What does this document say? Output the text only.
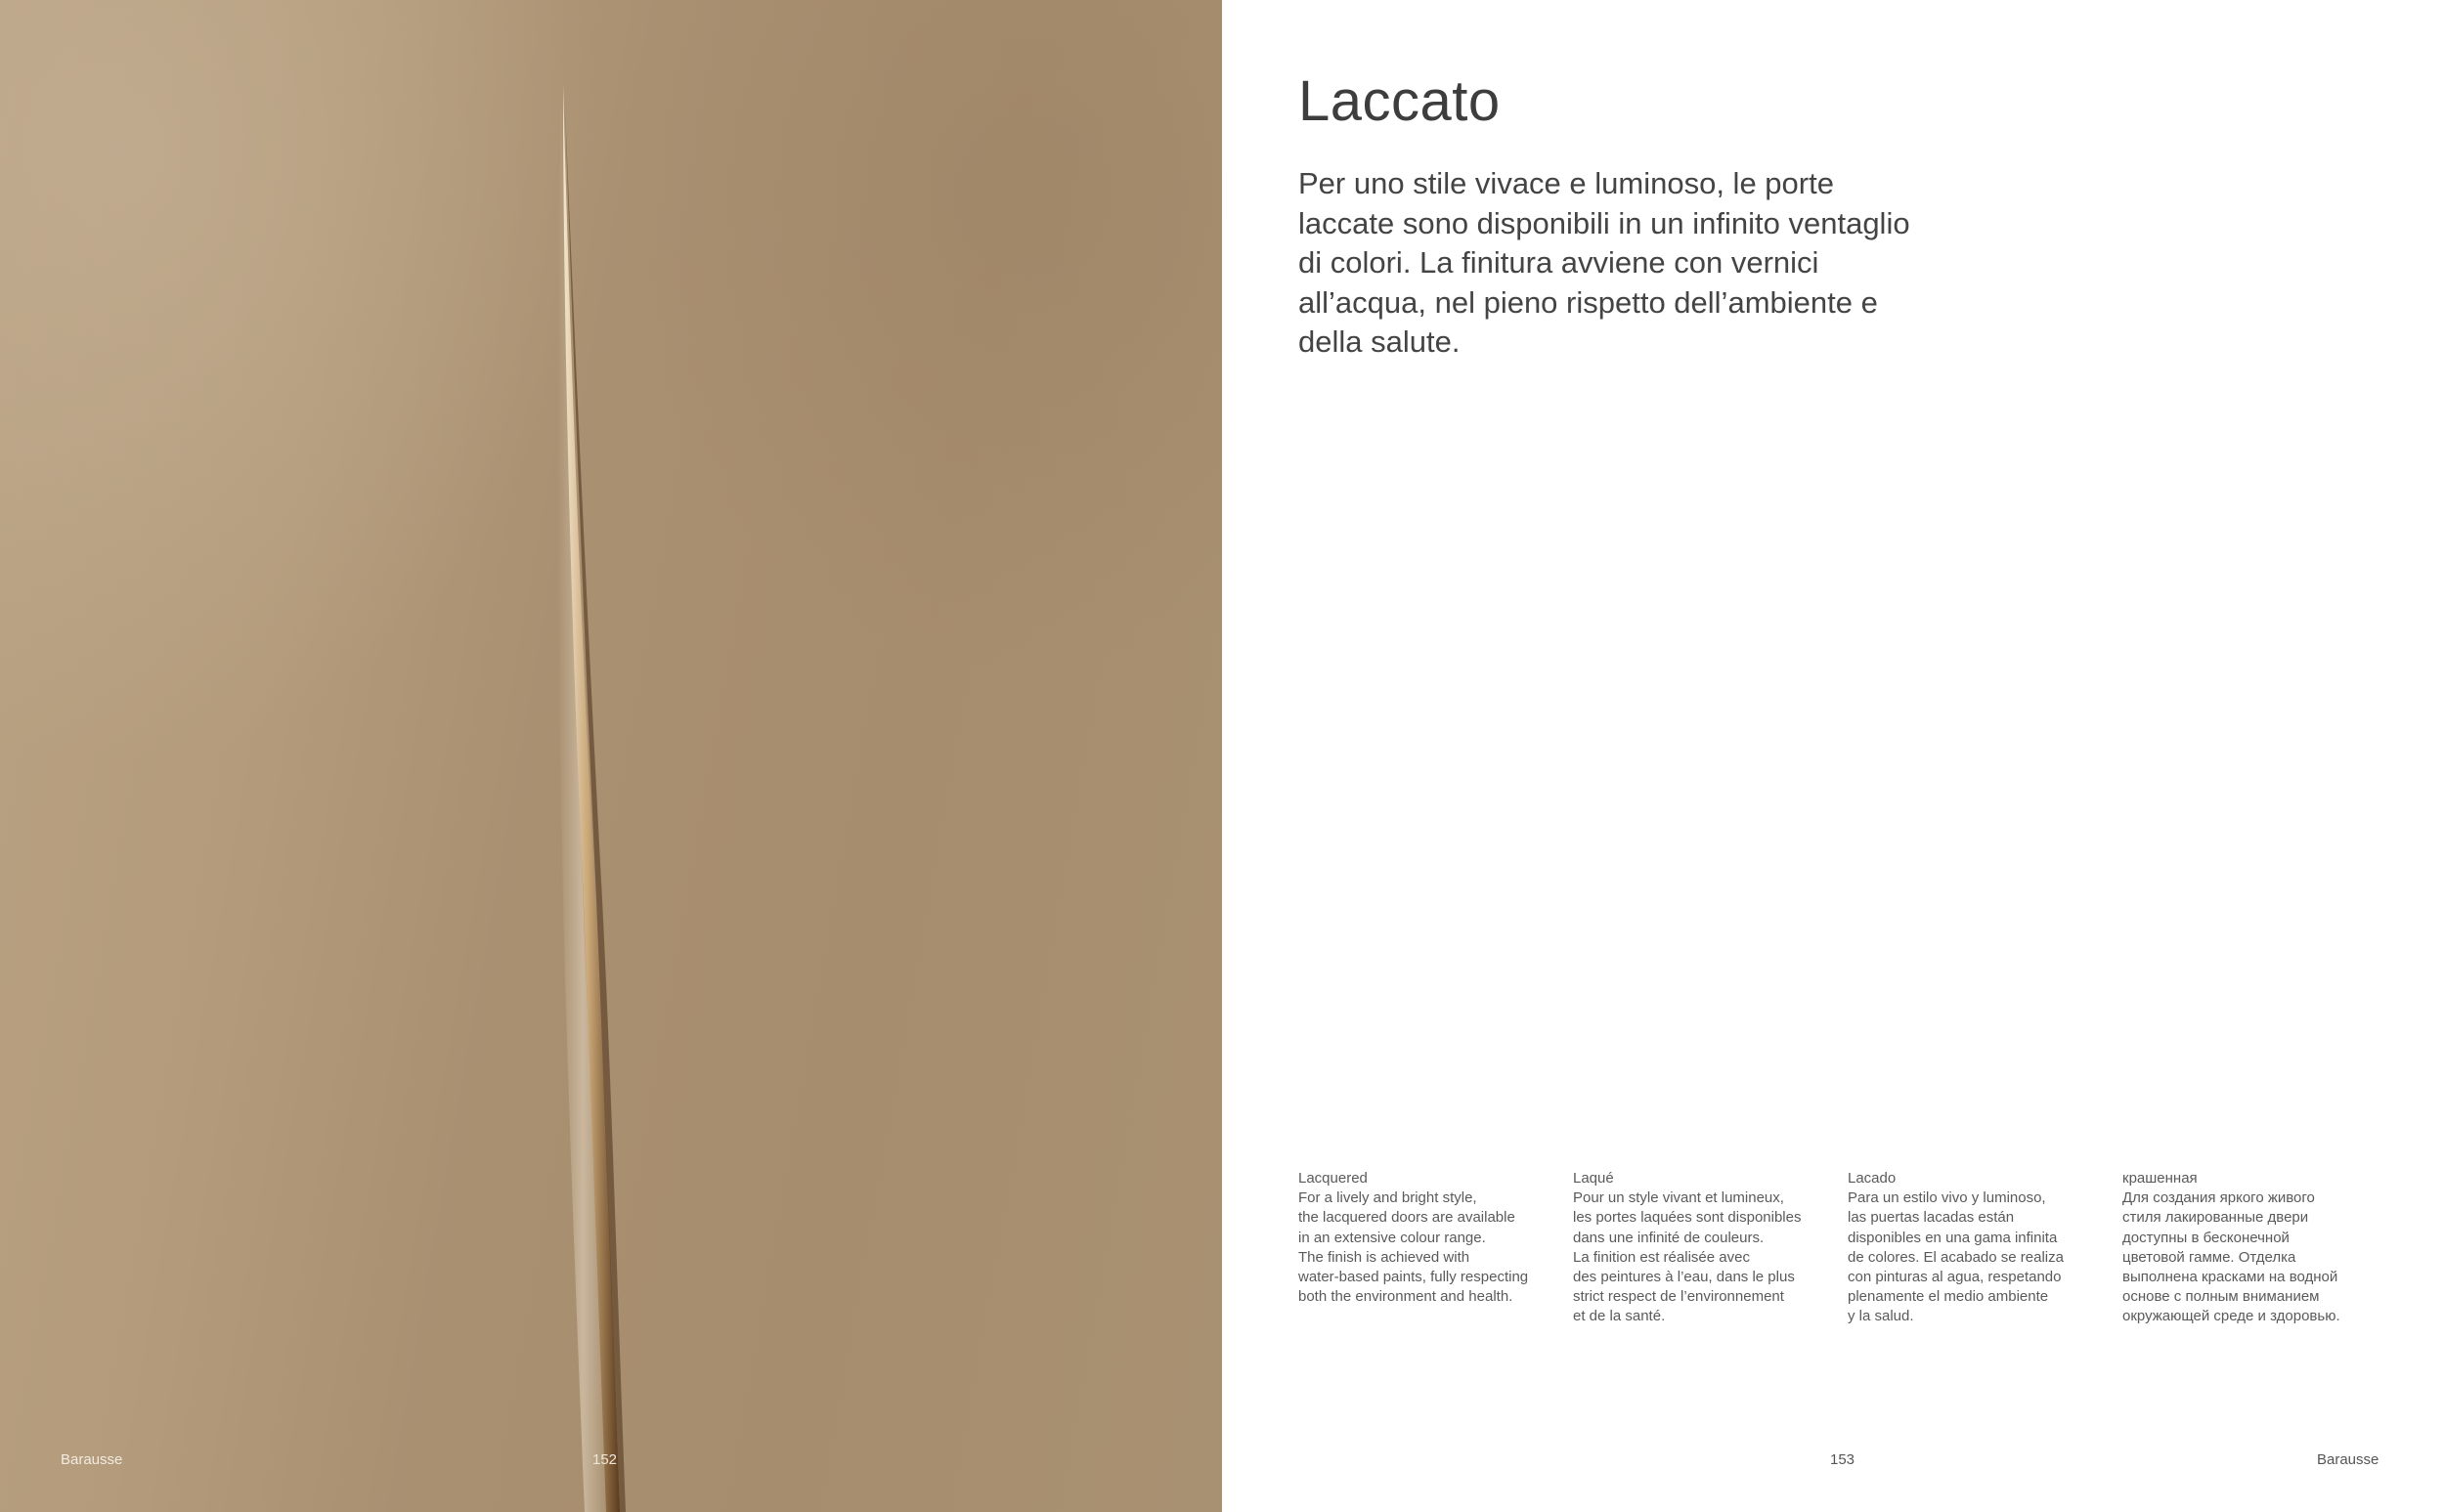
Barausse	152
Laccato

Per uno stile vivace e luminoso, le porte laccate sono disponibili in un infinito ventaglio di colori. La finitura avviene con vernici all’acqua, nel pieno rispetto dell’ambiente e della salute.

Lacquered
For a lively and bright style,
the lacquered doors are available
in an extensive colour range.
The finish is achieved with
water-based paints, fully respecting
both the environment and health.
Laqué
Pour un style vivant et lumineux,
les portes laquées sont disponibles
dans une infinité de couleurs.
La finition est réalisée avec
des peintures à l’eau, dans le plus
strict respect de l’environnement
et de la santé.
Lacado
Para un estilo vivo y luminoso,
las puertas lacadas están
disponibles en una gama infinita
de colores. El acabado se realiza
con pinturas al agua, respetando
plenamente el medio ambiente
y la salud.
крашенная
Для создания яркого живого
стиля лакированные двери
доступны в бесконечной
цветовой гамме. Отделка
выполнена красками на водной
основе с полным вниманием
окружающей среде и здоровью.
153	Barausse
